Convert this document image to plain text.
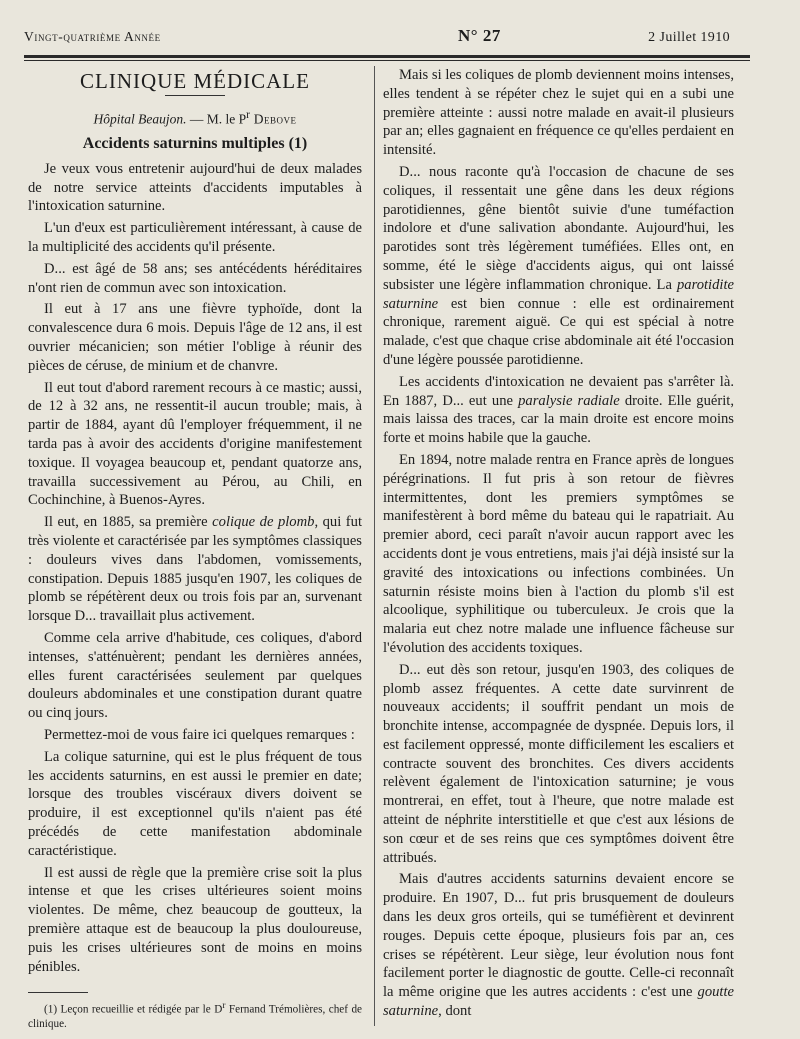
Vingt-quatrième Année	N° 27	2 Juillet 1910
CLINIQUE MÉDICALE
Hôpital Beaujon. — M. le $P^r$ Debove
Accidents saturnins multiples (1)

Je veux vous entretenir aujourd'hui de deux malades de notre service atteints d'accidents imputables à l'intoxication saturnine.

L'un d'eux est particulièrement intéressant, à cause de la multiplicité des accidents qu'il présente.

D... est âgé de 58 ans; ses antécédents héréditaires n'ont rien de commun avec son intoxication.

Il eut à 17 ans une fièvre typhoïde, dont la convalescence dura 6 mois. Depuis l'âge de 12 ans, il est ouvrier mécanicien; son métier l'oblige à réunir des pièces de céruse, de minium et de chanvre.

Il eut tout d'abord rarement recours à ce mastic; aussi, de 12 à 32 ans, ne ressentit-il aucun trouble; mais, à partir de 1884, ayant dû l'employer fréquemment, il ne tarda pas à avoir des accidents d'origine manifestement toxique. Il voyagea beaucoup et, pendant quatorze ans, travailla successivement au Pérou, au Chili, en Cochinchine, à Buenos-Ayres.

Il eut, en 1885, sa première colique de plomb, qui fut très violente et caractérisée par les symptômes classiques : douleurs vives dans l'abdomen, vomissements, constipation. Depuis 1885 jusqu'en 1907, les coliques de plomb se répétèrent deux ou trois fois par an, survenant lorsque D... travaillait plus activement.

Comme cela arrive d'habitude, ces coliques, d'abord intenses, s'atténuèrent; pendant les dernières années, elles furent caractérisées seulement par quelques douleurs abdominales et une constipation durant quatre ou cinq jours.

Permettez-moi de vous faire ici quelques remarques :

La colique saturnine, qui est le plus fréquent de tous les accidents saturnins, en est aussi le premier en date; lorsque des troubles viscéraux divers doivent se produire, il est exceptionnel qu'ils n'aient pas été précédés de cette manifestation abdominale caractéristique.

Il est aussi de règle que la première crise soit la plus intense et que les crises ultérieures soient moins violentes. De même, chez beaucoup de goutteux, la première attaque est de beaucoup la plus douloureuse, puis les crises ultérieures sont de moins en moins pénibles.

(1) Leçon recueillie et rédigée par le $D^r$ Fernand Trémolières, chef de clinique.

Mais si les coliques de plomb deviennent moins intenses, elles tendent à se répéter chez le sujet qui en a subi une première atteinte : aussi notre malade en avait-il plusieurs par an; elles gagnaient en fréquence ce qu'elles perdaient en intensité.

D... nous raconte qu'à l'occasion de chacune de ses coliques, il ressentait une gêne dans les deux régions parotidiennes, gêne bientôt suivie d'une tuméfaction indolore et d'une salivation abondante. Aujourd'hui, les parotides sont très légèrement tuméfiées. Elles ont, en somme, été le siège d'accidents aigus, qui ont laissé subsister une légère inflammation chronique. La parotidite saturnine est bien connue : elle est ordinairement chronique, rarement aiguë. Ce qui est spécial à notre malade, c'est que chaque crise abdominale ait été l'occasion d'une légère poussée parotidienne.

Les accidents d'intoxication ne devaient pas s'arrêter là. En 1887, D... eut une paralysie radiale droite. Elle guérit, mais laissa des traces, car la main droite est encore moins forte et moins habile que la gauche.

En 1894, notre malade rentra en France après de longues pérégrinations. Il fut pris à son retour de fièvres intermittentes, dont les premiers symptômes se manifestèrent à bord même du bateau qui le rapatriait. Au premier abord, ceci paraît n'avoir aucun rapport avec les accidents dont je vous entretiens, mais j'ai déjà insisté sur la gravité des intoxications ou infections combinées. Un saturnin résiste moins bien à l'action du plomb s'il est alcoolique, syphilitique ou tuberculeux. Je crois que la malaria eut chez notre malade une influence fâcheuse sur l'évolution des accidents toxiques.

D... eut dès son retour, jusqu'en 1903, des coliques de plomb assez fréquentes. A cette date survinrent de nouveaux accidents; il souffrit pendant un mois de bronchite intense, accompagnée de dyspnée. Depuis lors, il est facilement oppressé, monte difficilement les escaliers et contracte souvent des bronchites. Ces divers accidents relèvent également de l'intoxication saturnine; je vous montrerai, en effet, tout à l'heure, que notre malade est atteint de néphrite interstitielle et que c'est aux lésions de son cœur et de ses reins que ces symptômes doivent être attribués.

Mais d'autres accidents saturnins devaient encore se produire. En 1907, D... fut pris brusquement de douleurs dans les deux gros orteils, qui se tuméfièrent et devinrent rouges. Depuis cette époque, plusieurs fois par an, ces crises se répétèrent. Leur siège, leur évolution nous font facilement porter le diagnostic de goutte. Celle-ci reconnaît la même origine que les autres accidents : c'est une goutte saturnine, dont
